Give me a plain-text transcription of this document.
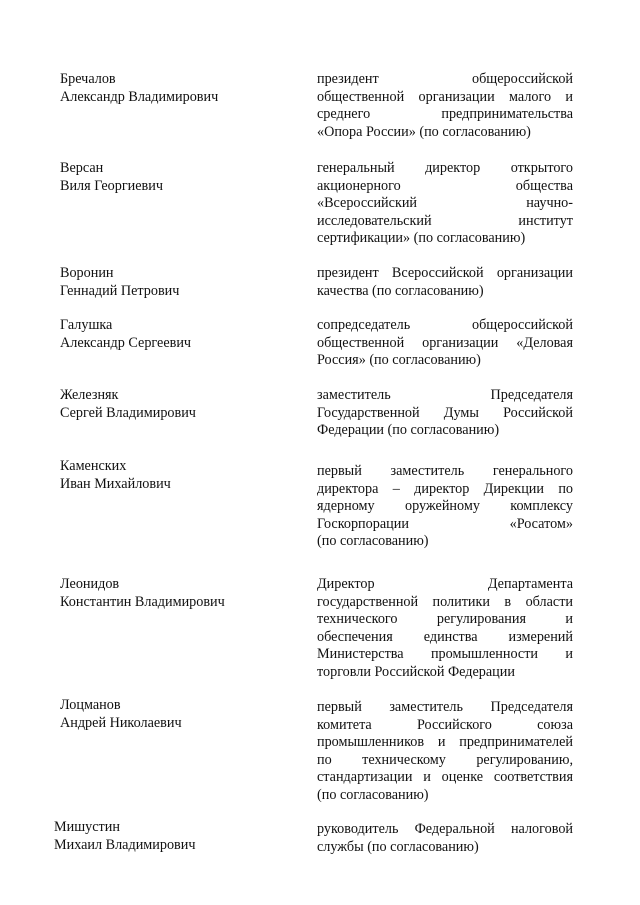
Бречалов
Александр Владимирович
президент общероссийской
общественной организации малого и
среднего предпринимательства
«Опора России» (по согласованию)
Версан
Виля Георгиевич
генеральный директор открытого
акционерного общества
«Всероссийский научно-
исследовательский институт
сертификации» (по согласованию)
Воронин
Геннадий Петрович
президент Всероссийской организации
качества (по согласованию)
Галушка
Александр Сергеевич
сопредседатель общероссийской
общественной организации «Деловая
Россия» (по согласованию)
Железняк
Сергей Владимирович
заместитель Председателя
Государственной Думы Российской
Федерации (по согласованию)
Каменских
Иван Михайлович
первый заместитель генерального
директора – директор Дирекции по
ядерному оружейному комплексу
Госкорпорации «Росатом»
(по согласованию)
Леонидов
Константин Владимирович
Директор Департамента
государственной политики в области
технического регулирования и
обеспечения единства измерений
Министерства промышленности и
торговли Российской Федерации
Лоцманов
Андрей Николаевич
первый заместитель Председателя
комитета Российского союза
промышленников и предпринимателей
по техническому регулированию,
стандартизации и оценке соответствия
(по согласованию)
Мишустин
Михаил Владимирович
руководитель Федеральной налоговой
службы (по согласованию)
